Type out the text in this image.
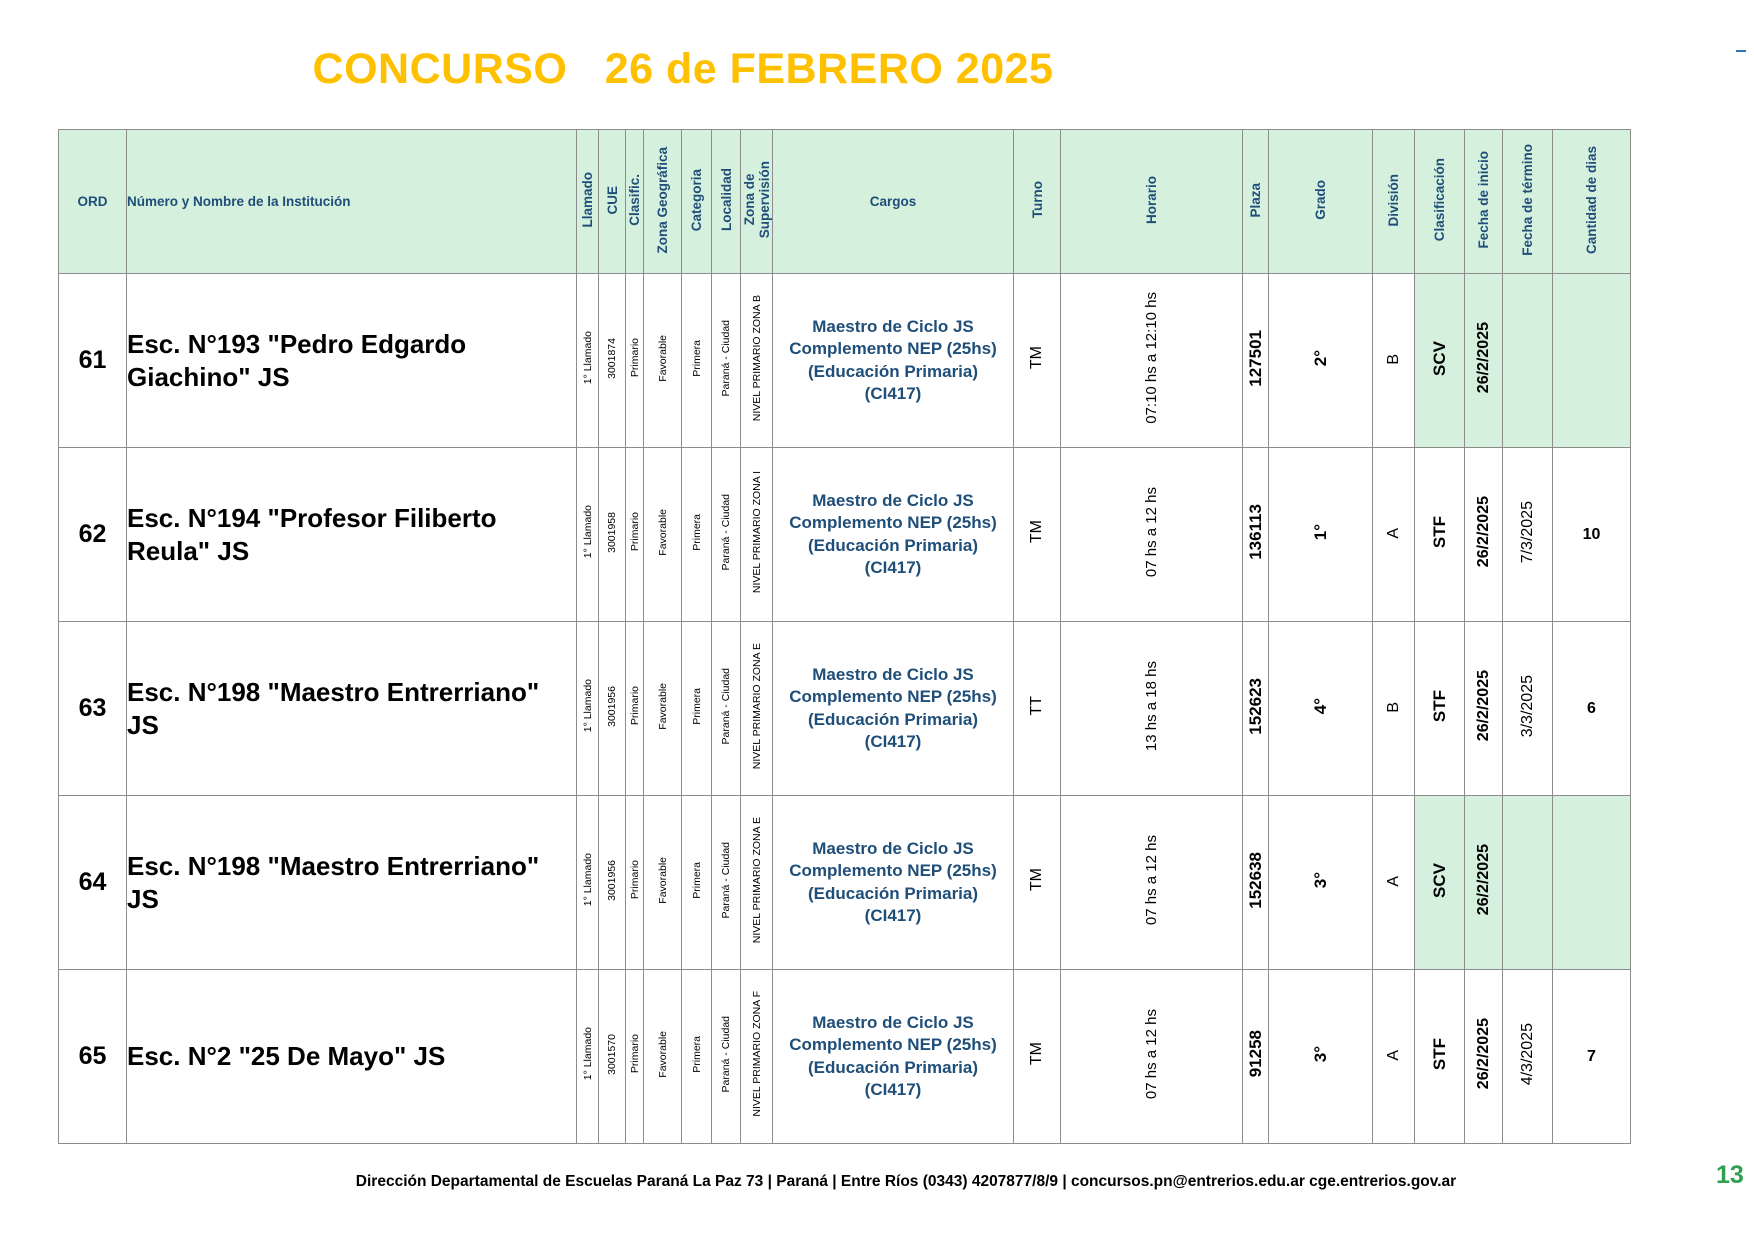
CONCURSO   26 de FEBRERO 2025
ORD	Número y Nombre de la Institución	Llamado	CUE	Clasific.	Zona Geográfica	Categoria	Localidad	Zona de
Supervisión	Cargos	Turno	Horario	Plaza	Grado	División	Clasificación	Fecha de inicio	Fecha de término	Cantidad de dias
61	Esc. N°193 "Pedro Edgardo
Giachino" JS	1° Llamado	3001874	Primario	Favorable	Primera	Paraná - Ciudad	NIVEL PRIMARIO ZONA B	Maestro de Ciclo JS
Complemento NEP (25hs)
(Educación Primaria)
(CI417)	TM	07:10 hs a 12:10 hs	127501	2°	B	SCV	26/2/2025		
62	Esc. N°194 "Profesor Filiberto
Reula" JS	1° Llamado	3001958	Primario	Favorable	Primera	Paraná - Ciudad	NIVEL PRIMARIO ZONA I	Maestro de Ciclo JS
Complemento NEP (25hs)
(Educación Primaria)
(CI417)	TM	07 hs a 12 hs	136113	1°	A	STF	26/2/2025	7/3/2025	10
63	Esc. N°198 "Maestro Entrerriano"
JS	1° Llamado	3001956	Primario	Favorable	Primera	Paraná - Ciudad	NIVEL PRIMARIO ZONA E	Maestro de Ciclo JS
Complemento NEP (25hs)
(Educación Primaria)
(CI417)	TT	13 hs a 18 hs	152623	4°	B	STF	26/2/2025	3/3/2025	6
64	Esc. N°198 "Maestro Entrerriano"
JS	1° Llamado	3001956	Primario	Favorable	Primera	Paraná - Ciudad	NIVEL PRIMARIO ZONA E	Maestro de Ciclo JS
Complemento NEP (25hs)
(Educación Primaria)
(CI417)	TM	07 hs a 12 hs	152638	3°	A	SCV	26/2/2025		
65	Esc. N°2 "25 De Mayo" JS	1° Llamado	3001570	Primario	Favorable	Primera	Paraná - Ciudad	NIVEL PRIMARIO ZONA F	Maestro de Ciclo JS
Complemento NEP (25hs)
(Educación Primaria)
(CI417)	TM	07 hs a 12 hs	91258	3°	A	STF	26/2/2025	4/3/2025	7
Dirección Departamental de Escuelas Paraná La Paz 73 | Paraná | Entre Ríos (0343) 4207877/8/9 | concursos.pn@entrerios.edu.ar cge.entrerios.gov.ar	13
